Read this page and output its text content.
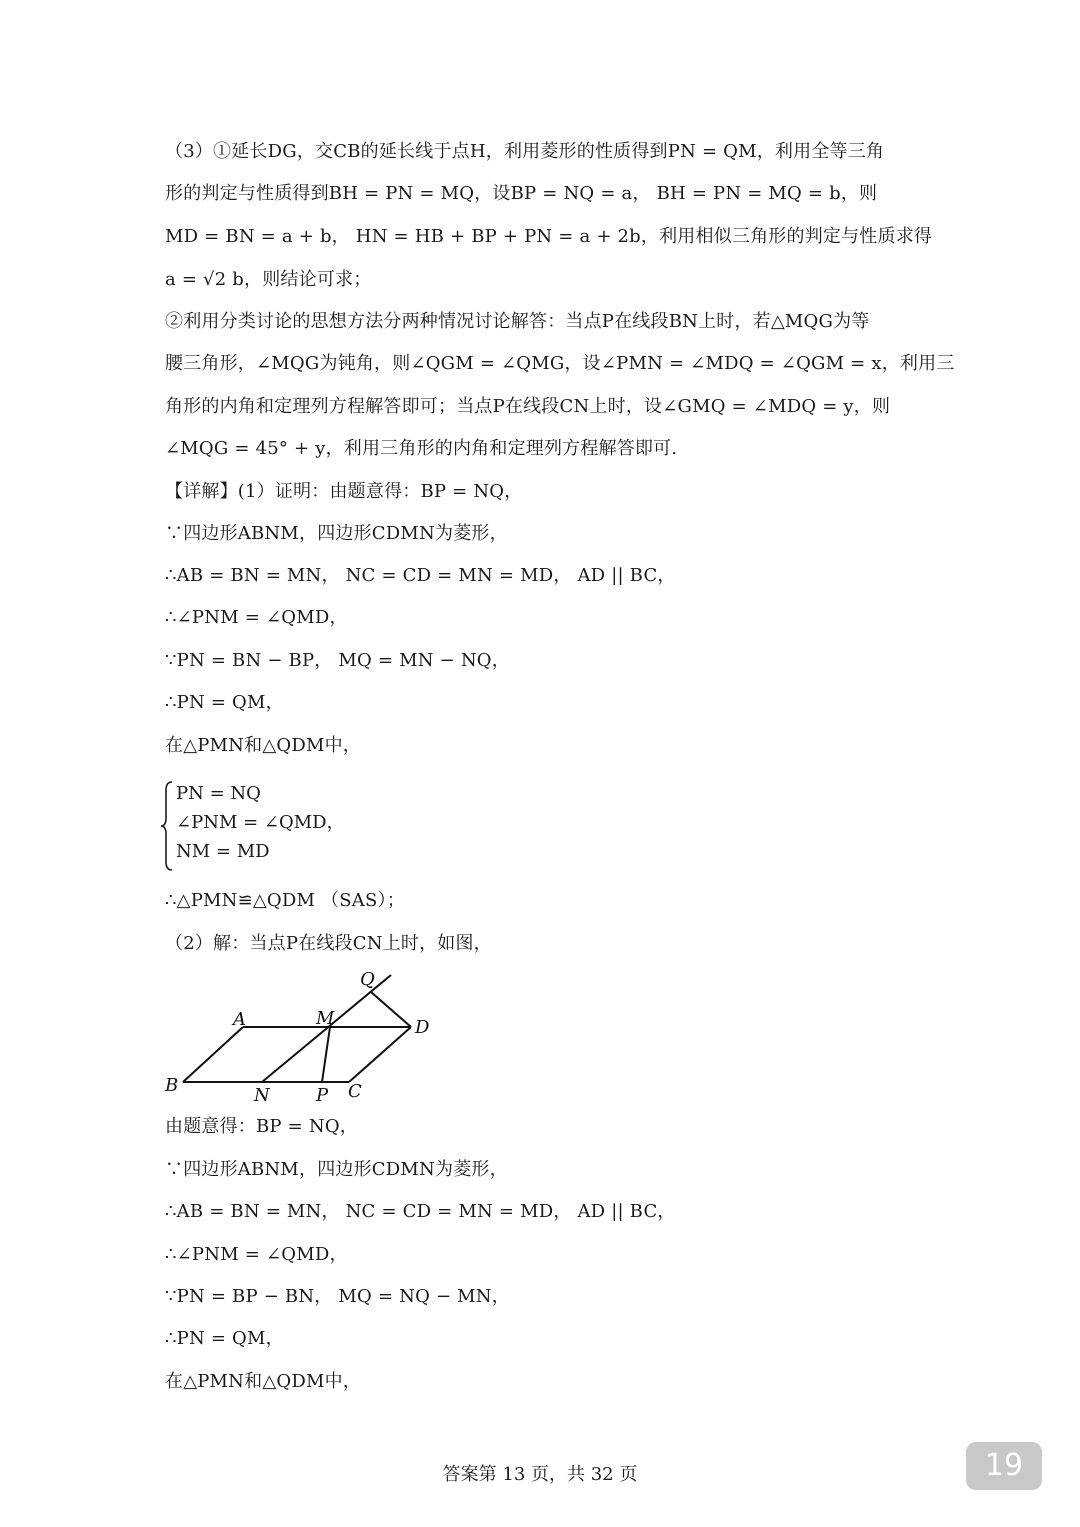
（3）①延长DG，交CB的延长线于点H，利用菱形的性质得到PN = QM，利用全等三角
形的判定与性质得到BH = PN = MQ，设BP = NQ = a， BH = PN = MQ = b，则
MD = BN = a + b， HN = HB + BP + PN = a + 2b，利用相似三角形的判定与性质求得
a = √2 b，则结论可求；
②利用分类讨论的思想方法分两种情况讨论解答：当点P在线段BN上时，若△MQG为等
腰三角形，∠MQG为钝角，则∠QGM = ∠QMG，设∠PMN = ∠MDQ = ∠QGM = x，利用三
角形的内角和定理列方程解答即可；当点P在线段CN上时，设∠GMQ = ∠MDQ = y，则
∠MQG = 45° + y，利用三角形的内角和定理列方程解答即可.
【详解】(1）证明：由题意得：BP = NQ，
∵四边形ABNM，四边形CDMN为菱形，
∴AB = BN = MN， NC = CD = MN = MD， AD || BC，
∴∠PNM = ∠QMD，
∵PN = BN − BP， MQ = MN − NQ，
∴PN = QM，
在△PMN和△QDM中，
PN = NQ
∠PNM = ∠QMD，
NM = MD
∴△PMN≌△QDM （SAS）；
（2）解：当点P在线段CN上时，如图，
Q
A	M	D
B	N	P C
由题意得：BP = NQ，
∵四边形ABNM，四边形CDMN为菱形，
∴AB = BN = MN， NC = CD = MN = MD， AD || BC，
∴∠PNM = ∠QMD，
∵PN = BP − BN， MQ = NQ − MN，
∴PN = QM，
在△PMN和△QDM中，
答案第 13 页，共 32 页	19
